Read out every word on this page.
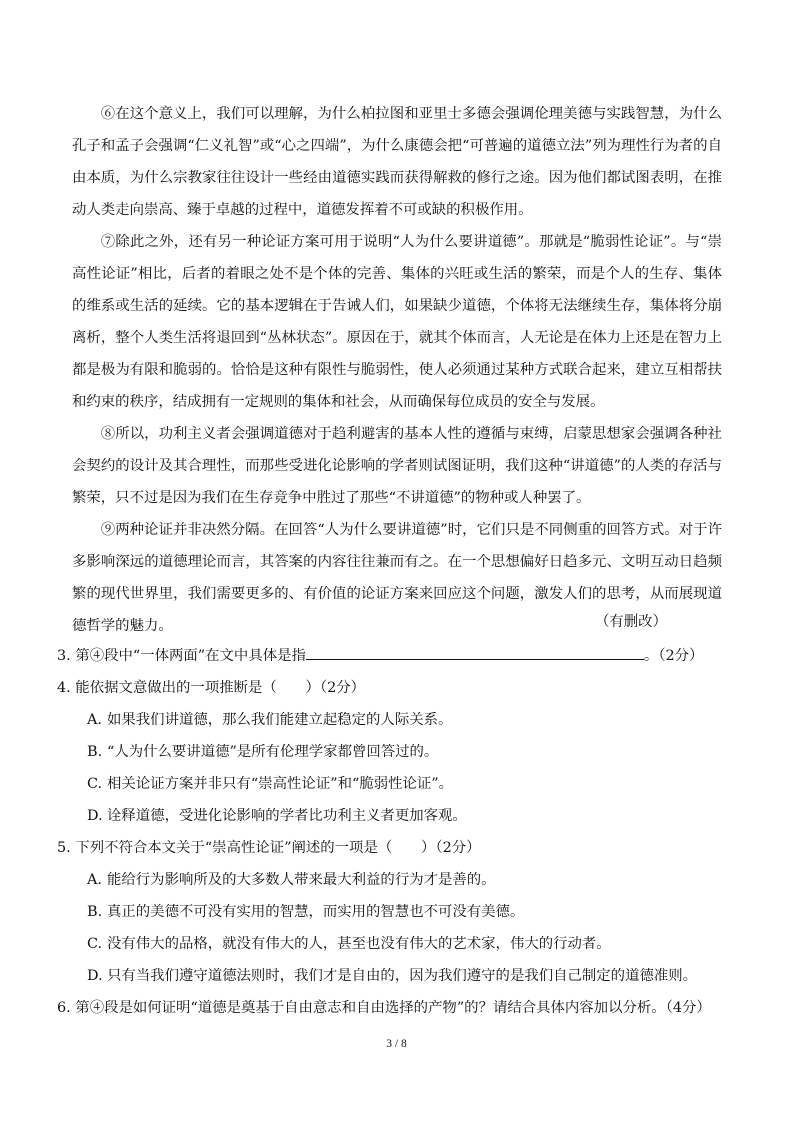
⑥在这个意义上，我们可以理解，为什么柏拉图和亚里士多德会强调伦理美德与实践智慧，为什么孔子和孟子会强调“仁义礼智”或“心之四端”，为什么康德会把“可普遍的道德立法”列为理性行为者的自由本质，为什么宗教家往往设计一些经由道德实践而获得解救的修行之途。因为他们都试图表明，在推动人类走向崇高、臻于卓越的过程中，道德发挥着不可或缺的积极作用。

⑦除此之外，还有另一种论证方案可用于说明“人为什么要讲道德”。那就是“脆弱性论证”。与“崇高性论证”相比，后者的着眼之处不是个体的完善、集体的兴旺或生活的繁荣，而是个人的生存、集体的维系或生活的延续。它的基本逻辑在于告诫人们，如果缺少道德，个体将无法继续生存，集体将分崩离析，整个人类生活将退回到“丛林状态”。原因在于，就其个体而言，人无论是在体力上还是在智力上都是极为有限和脆弱的。恰恰是这种有限性与脆弱性，使人必须通过某种方式联合起来，建立互相帮扶和约束的秩序，结成拥有一定规则的集体和社会，从而确保每位成员的安全与发展。

⑧所以，功利主义者会强调道德对于趋利避害的基本人性的遵循与束缚，启蒙思想家会强调各种社会契约的设计及其合理性，而那些受进化论影响的学者则试图证明，我们这种“讲道德”的人类的存活与繁荣，只不过是因为我们在生存竞争中胜过了那些“不讲道德”的物种或人种罢了。

⑨两种论证并非决然分隔。在回答“人为什么要讲道德”时，它们只是不同侧重的回答方式。对于许多影响深远的道德理论而言，其答案的内容往往兼而有之。在一个思想偏好日趋多元、文明互动日趋频繁的现代世界里，我们需要更多的、有价值的论证方案来回应这个问题，激发人们的思考，从而展现道德哲学的魅力。	（有删改）
3. 第④段中“一体两面”在文中具体是指	。（2分）
4. 能依据文意做出的一项推断是（　　）（2分）
A. 如果我们讲道德，那么我们能建立起稳定的人际关系。
B. “人为什么要讲道德”是所有伦理学家都曾回答过的。
C. 相关论证方案并非只有“崇高性论证”和“脆弱性论证”。
D. 诠释道德，受进化论影响的学者比功利主义者更加客观。
5. 下列不符合本文关于“崇高性论证”阐述的一项是（　　）（2分）
A. 能给行为影响所及的大多数人带来最大利益的行为才是善的。
B. 真正的美德不可没有实用的智慧，而实用的智慧也不可没有美德。
C. 没有伟大的品格，就没有伟大的人，甚至也没有伟大的艺术家，伟大的行动者。
D. 只有当我们遵守道德法则时，我们才是自由的，因为我们遵守的是我们自己制定的道德准则。
6. 第④段是如何证明“道德是奠基于自由意志和自由选择的产物”的？请结合具体内容加以分析。（4分）
3 / 8
